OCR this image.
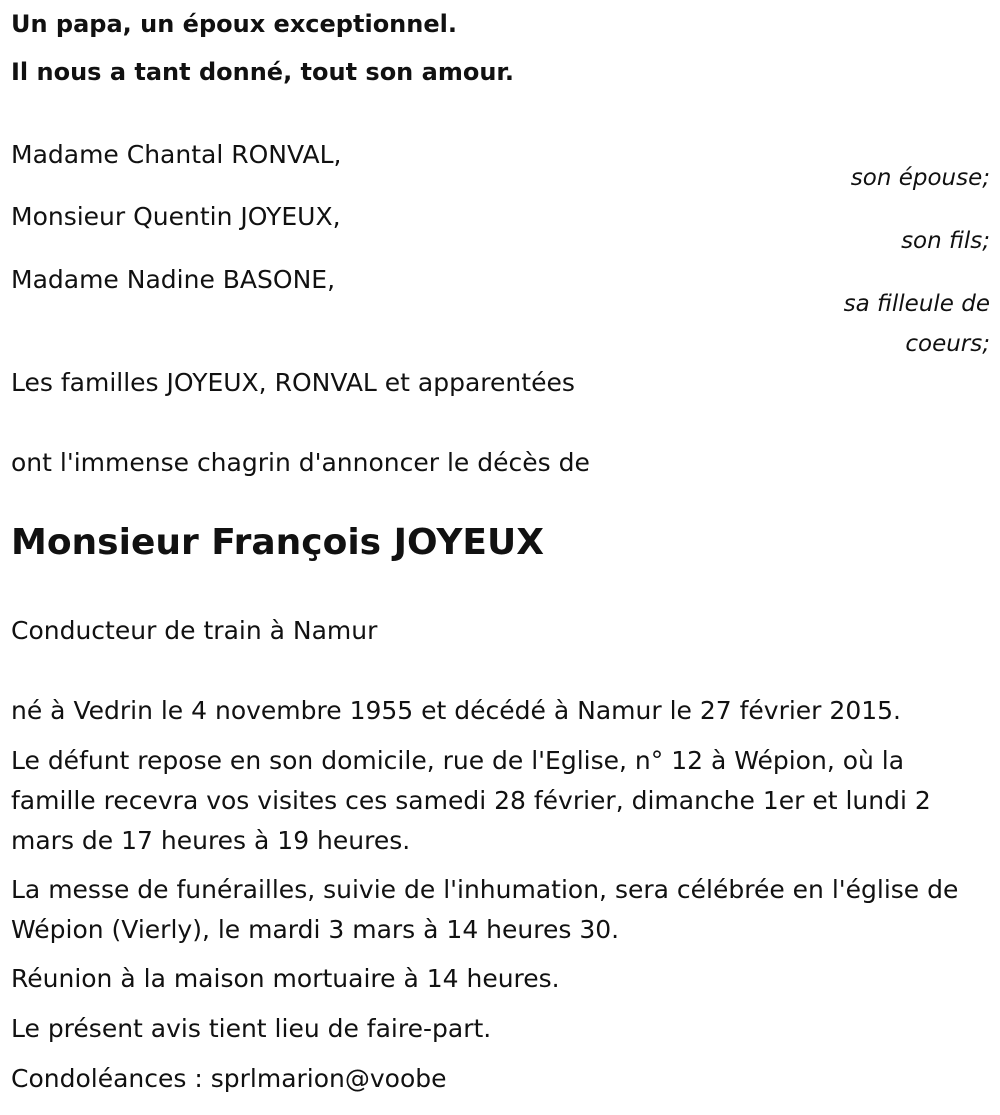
Un papa, un époux exceptionnel.
Il nous a tant donné, tout son amour.
Madame Chantal RONVAL,
son épouse;
Monsieur Quentin JOYEUX,
son fils;
Madame Nadine BASONE,
sa filleule de
coeurs;
Les familles JOYEUX, RONVAL et apparentées
ont l'immense chagrin d'annoncer le décès de
Monsieur François JOYEUX
Conducteur de train à Namur
né à Vedrin le 4 novembre 1955 et décédé à Namur le 27 février 2015.
Le défunt repose en son domicile, rue de l'Eglise, n° 12 à Wépion, où la famille recevra vos visites ces samedi 28 février, dimanche 1er et lundi 2 mars de 17 heures à 19 heures.
La messe de funérailles, suivie de l'inhumation, sera célébrée en l'église de Wépion (Vierly), le mardi 3 mars à 14 heures 30.
Réunion à la maison mortuaire à 14 heures.
Le présent avis tient lieu de faire-part.
Condoléances : sprlmarion@voobe
